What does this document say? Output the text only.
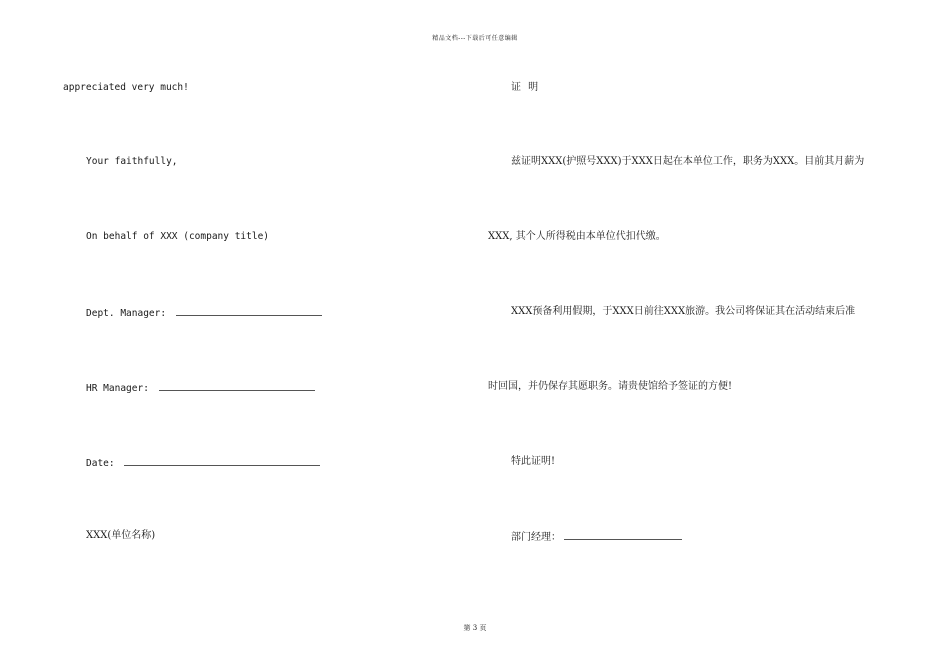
精品文档---下载后可任意编辑
appreciated very much!
Your faithfully,
On behalf of XXX (company title)
Dept. Manager:
HR Manager:
Date:
XXX(单位名称)
证 明
兹证明XXX(护照号XXX)于XXX日起在本单位工作，职务为XXX。目前其月薪为
XXX, 其个人所得税由本单位代扣代缴。
XXX预备利用假期，于XXX日前往XXX旅游。我公司将保证其在活动结束后准
时回国，并仍保存其愿职务。请贵使馆给予签证的方便!
特此证明!
部门经理：
第 3 页
